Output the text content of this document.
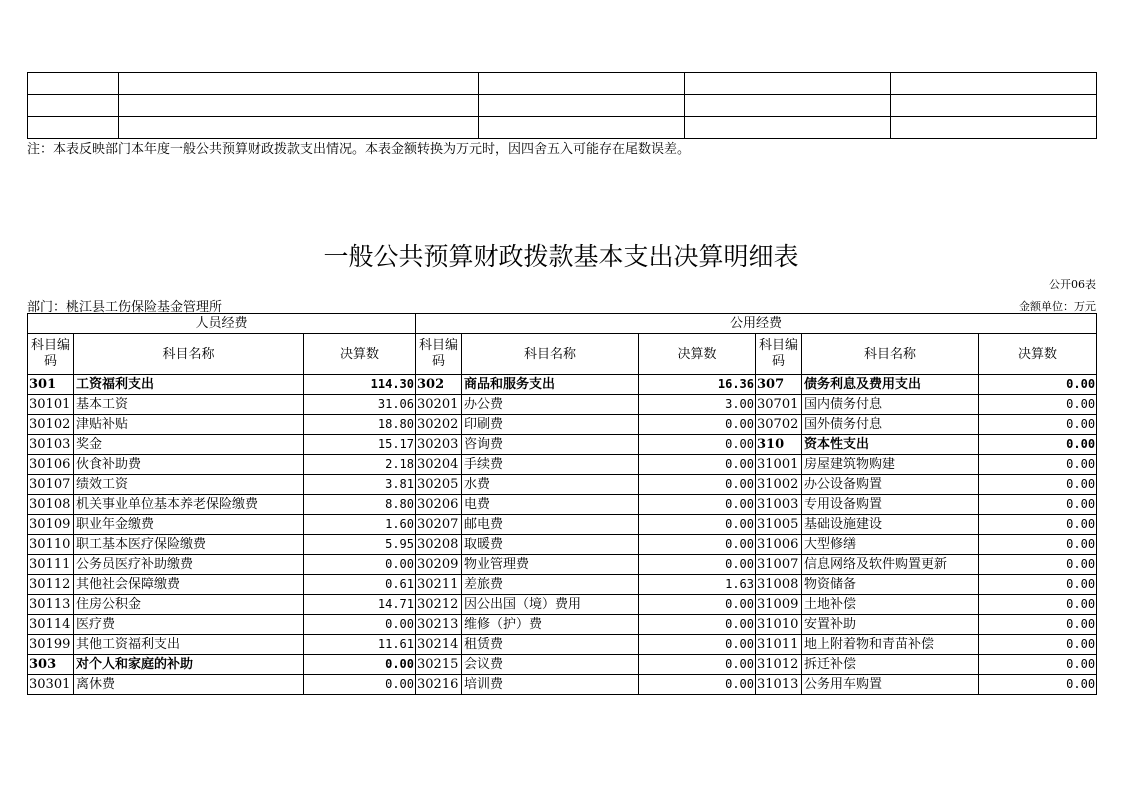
注：本表反映部门本年度一般公共预算财政拨款支出情况。本表金额转换为万元时，因四舍五入可能存在尾数误差。
一般公共预算财政拨款基本支出决算明细表
公开06表
部门：桃江县工伤保险基金管理所	金额单位：万元
人员经费			公用经费					
科目编码	科目名称	决算数	科目编码	科目名称	决算数	科目编码	科目名称	决算数
301	工资福利支出	114.30	302	商品和服务支出	16.36	307	债务利息及费用支出	0.00
30101	基本工资	31.06	30201	办公费	3.00	30701	国内债务付息	0.00
30102	津贴补贴	18.80	30202	印刷费	0.00	30702	国外债务付息	0.00
30103	奖金	15.17	30203	咨询费	0.00	310	资本性支出	0.00
30106	伙食补助费	2.18	30204	手续费	0.00	31001	房屋建筑物购建	0.00
30107	绩效工资	3.81	30205	水费	0.00	31002	办公设备购置	0.00
30108	机关事业单位基本养老保险缴费	8.80	30206	电费	0.00	31003	专用设备购置	0.00
30109	职业年金缴费	1.60	30207	邮电费	0.00	31005	基础设施建设	0.00
30110	职工基本医疗保险缴费	5.95	30208	取暖费	0.00	31006	大型修缮	0.00
30111	公务员医疗补助缴费	0.00	30209	物业管理费	0.00	31007	信息网络及软件购置更新	0.00
30112	其他社会保障缴费	0.61	30211	差旅费	1.63	31008	物资储备	0.00
30113	住房公积金	14.71	30212	因公出国（境）费用	0.00	31009	土地补偿	0.00
30114	医疗费	0.00	30213	维修（护）费	0.00	31010	安置补助	0.00
30199	其他工资福利支出	11.61	30214	租赁费	0.00	31011	地上附着物和青苗补偿	0.00
303	对个人和家庭的补助	0.00	30215	会议费	0.00	31012	拆迁补偿	0.00
30301	离休费	0.00	30216	培训费	0.00	31013	公务用车购置	0.00
